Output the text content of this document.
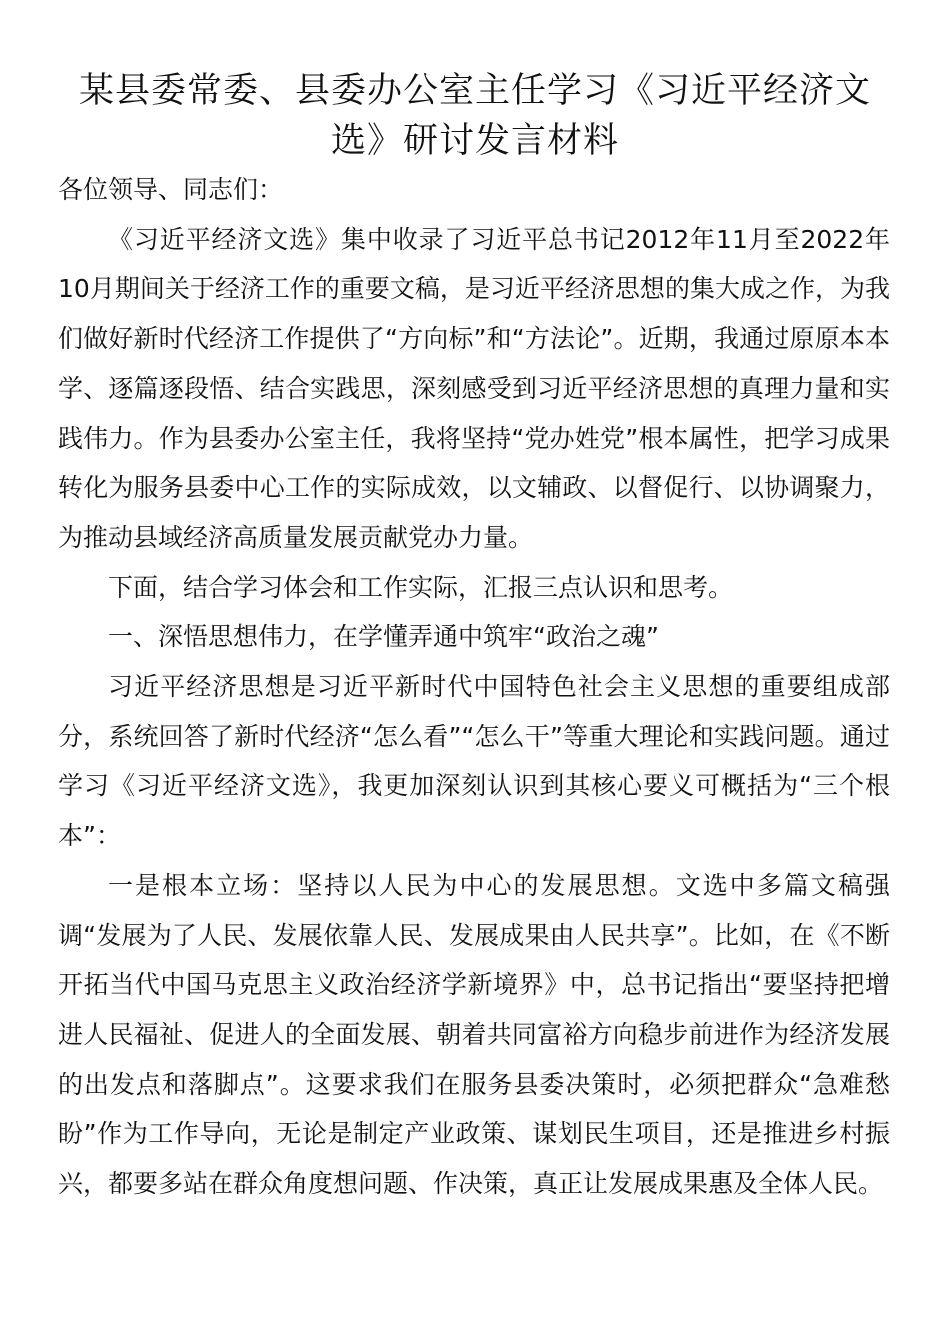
某县委常委、县委办公室主任学习《习近平经济文选》研讨发言材料

各位领导、同志们：

《习近平经济文选》集中收录了习近平总书记2012年11月至2022年10月期间关于经济工作的重要文稿，是习近平经济思想的集大成之作，为我们做好新时代经济工作提供了“方向标”和“方法论”。近期，我通过原原本本学、逐篇逐段悟、结合实践思，深刻感受到习近平经济思想的真理力量和实践伟力。作为县委办公室主任，我将坚持“党办姓党”根本属性，把学习成果转化为服务县委中心工作的实际成效，以文辅政、以督促行、以协调聚力，为推动县域经济高质量发展贡献党办力量。

下面，结合学习体会和工作实际，汇报三点认识和思考。

一、深悟思想伟力，在学懂弄通中筑牢“政治之魂”

习近平经济思想是习近平新时代中国特色社会主义思想的重要组成部分，系统回答了新时代经济“怎么看”“怎么干”等重大理论和实践问题。通过学习《习近平经济文选》，我更加深刻认识到其核心要义可概括为“三个根本”：

一是根本立场：坚持以人民为中心的发展思想。文选中多篇文稿强调“发展为了人民、发展依靠人民、发展成果由人民共享”。比如，在《不断开拓当代中国马克思主义政治经济学新境界》中，总书记指出“要坚持把增进人民福祉、促进人的全面发展、朝着共同富裕方向稳步前进作为经济发展的出发点和落脚点”。这要求我们在服务县委决策时，必须把群众“急难愁盼”作为工作导向，无论是制定产业政策、谋划民生项目，还是推进乡村振兴，都要多站在群众角度想问题、作决策，真正让发展成果惠及全体人民。
